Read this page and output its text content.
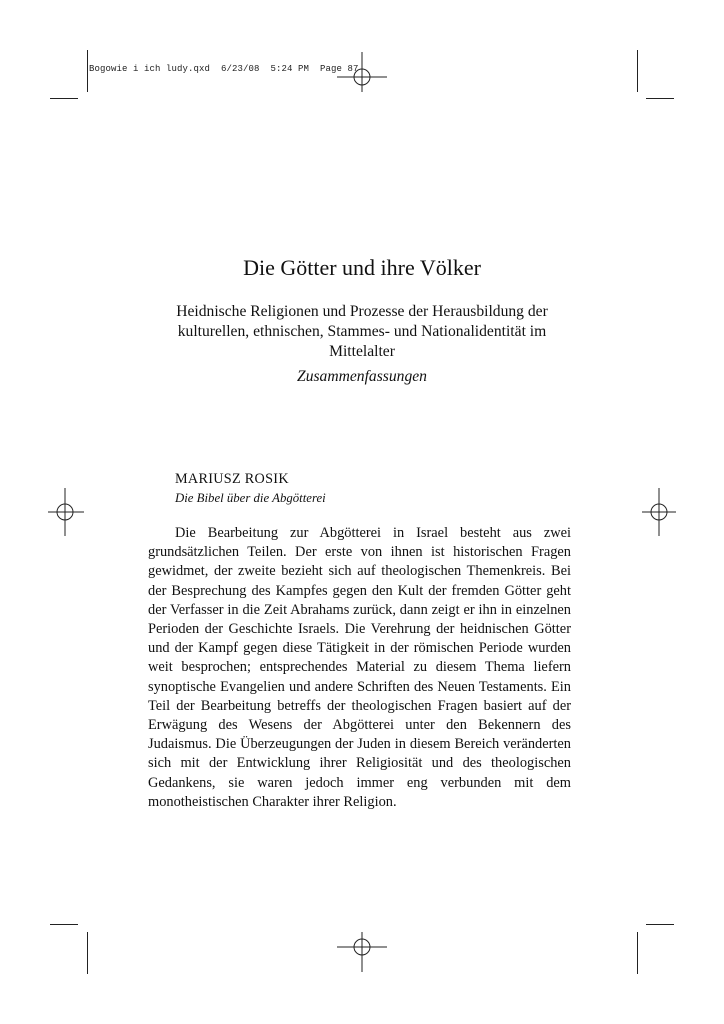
Bogowie i ich ludy.qxd  6/23/08  5:24 PM  Page 87
Die Götter und ihre Völker
Heidnische Religionen und Prozesse der Herausbildung der kulturellen, ethnischen, Stammes- und Nationalidentität im Mittelalter
Zusammenfassungen
MARIUSZ ROSIK
Die Bibel über die Abgötterei

Die Bearbeitung zur Abgötterei in Israel besteht aus zwei grundsätzlichen Teilen. Der erste von ihnen ist historischen Fragen gewidmet, der zweite bezieht sich auf theologischen Themenkreis. Bei der Besprechung des Kampfes gegen den Kult der fremden Götter geht der Verfasser in die Zeit Abrahams zurück, dann zeigt er ihn in einzelnen Perioden der Geschichte Israels. Die Verehrung der heidnischen Götter und der Kampf gegen diese Tätigkeit in der römischen Periode wurden weit besprochen; entsprechendes Material zu diesem Thema liefern synoptische Evangelien und andere Schriften des Neuen Testaments. Ein Teil der Bearbeitung betreffs der theologischen Fragen basiert auf der Erwägung des Wesens der Abgötterei unter den Bekennern des Judaismus. Die Überzeugungen der Juden in diesem Bereich veränderten sich mit der Entwicklung ihrer Religiosität und des theologischen Gedankens, sie waren jedoch immer eng verbunden mit dem monotheistischen Charakter ihrer Religion.
